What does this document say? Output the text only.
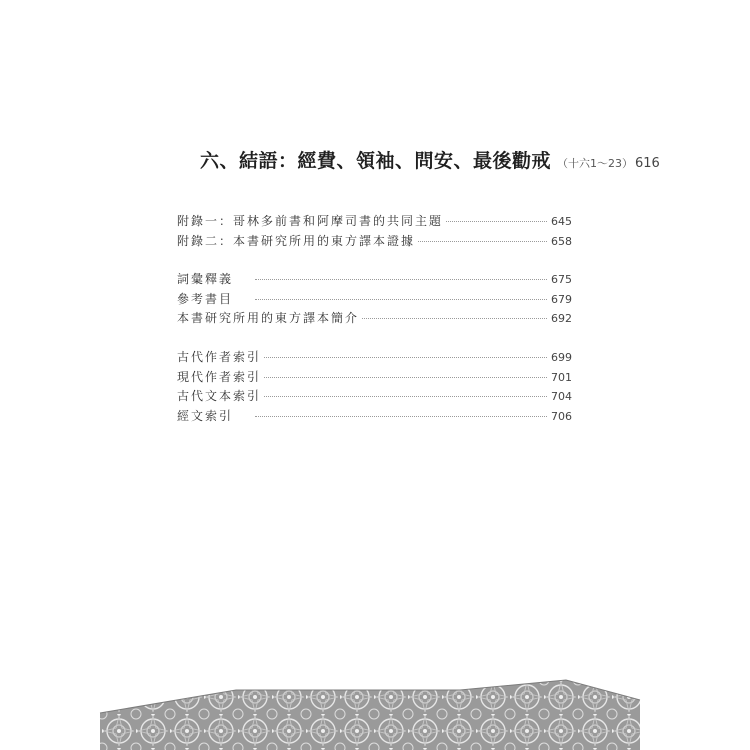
六、結語：經費、領袖、問安、最後勸戒 （十六1～23） 616
附錄一：哥林多前書和阿摩司書的共同主題	645
附錄二：本書研究所用的東方譯本證據	658
詞彙釋義	675
參考書目	679
本書研究所用的東方譯本簡介	692
古代作者索引	699
現代作者索引	701
古代文本索引	704
經文索引	706
